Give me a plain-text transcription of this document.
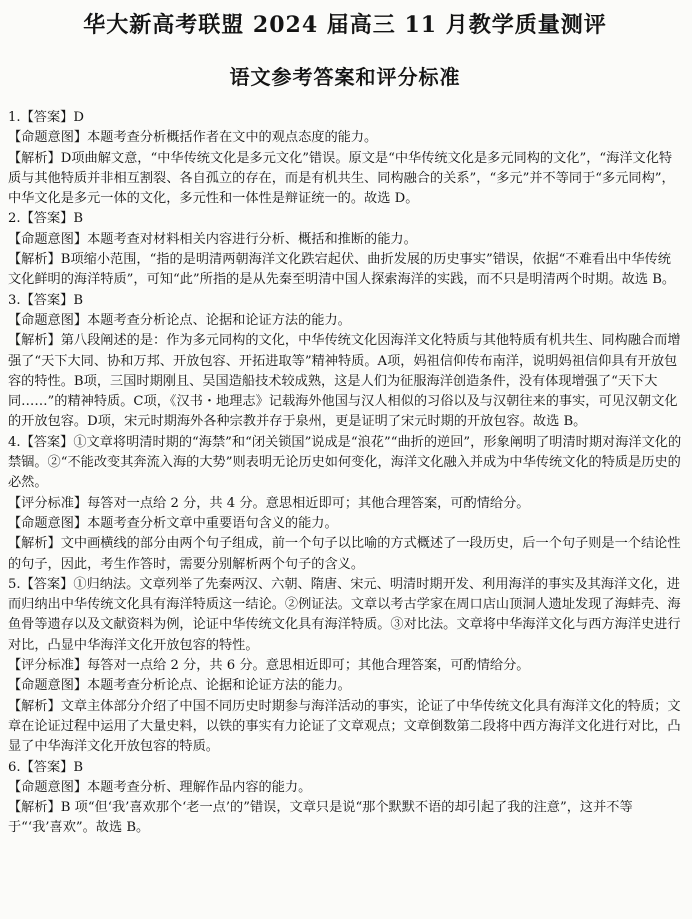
华大新高考联盟 2024 届高三 11 月教学质量测评
语文参考答案和评分标准

1.【答案】D

【命题意图】本题考查分析概括作者在文中的观点态度的能力。

【解析】D项曲解文意，“中华传统文化是多元文化”错误。原文是“中华传统文化是多元同构的文化”，“海洋文化特质与其他特质并非相互割裂、各自孤立的存在，而是有机共生、同构融合的关系”，“多元”并不等同于“多元同构”，中华文化是多元一体的文化，多元性和一体性是辩证统一的。故选 D。

2.【答案】B

【命题意图】本题考查对材料相关内容进行分析、概括和推断的能力。

【解析】B项缩小范围，“指的是明清两朝海洋文化跌宕起伏、曲折发展的历史事实”错误，依据“不难看出中华传统文化鲜明的海洋特质”，可知“此”所指的是从先秦至明清中国人探索海洋的实践，而不只是明清两个时期。故选 B。

3.【答案】B

【命题意图】本题考查分析论点、论据和论证方法的能力。

【解析】第八段阐述的是：作为多元同构的文化，中华传统文化因海洋文化特质与其他特质有机共生、同构融合而增强了“天下大同、协和万邦、开放包容、开拓进取等”精神特质。A项，妈祖信仰传布南洋，说明妈祖信仰具有开放包容的特性。B项，三国时期刚且、吴国造船技术较成熟，这是人们为征服海洋创造条件，没有体现增强了“天下大同……”的精神特质。C项，《汉书・地理志》记载海外他国与汉人相似的习俗以及与汉朝往来的事实，可见汉朝文化的开放包容。D项，宋元时期海外各种宗教并存于泉州，更是证明了宋元时期的开放包容。故选 B。

4.【答案】①文章将明清时期的“海禁”和“闭关锁国”说成是“浪花”“曲折的逆回”，形象阐明了明清时期对海洋文化的禁锢。②“不能改变其奔流入海的大势”则表明无论历史如何变化，海洋文化融入并成为中华传统文化的特质是历史的必然。

【评分标准】每答对一点给 2 分，共 4 分。意思相近即可；其他合理答案，可酌情给分。

【命题意图】本题考查分析文章中重要语句含义的能力。

【解析】文中画横线的部分由两个句子组成，前一个句子以比喻的方式概述了一段历史，后一个句子则是一个结论性的句子，因此，考生作答时，需要分别解析两个句子的含义。

5.【答案】①归纳法。文章列举了先秦两汉、六朝、隋唐、宋元、明清时期开发、利用海洋的事实及其海洋文化，进而归纳出中华传统文化具有海洋特质这一结论。②例证法。文章以考古学家在周口店山顶洞人遗址发现了海蚌壳、海鱼骨等遗存以及文献资料为例，论证中华传统文化具有海洋特质。③对比法。文章将中华海洋文化与西方海洋史进行对比，凸显中华海洋文化开放包容的特性。

【评分标准】每答对一点给 2 分，共 6 分。意思相近即可；其他合理答案，可酌情给分。

【命题意图】本题考查分析论点、论据和论证方法的能力。

【解析】文章主体部分介绍了中国不同历史时期参与海洋活动的事实，论证了中华传统文化具有海洋文化的特质；文章在论证过程中运用了大量史料，以铁的事实有力论证了文章观点；文章倒数第二段将中西方海洋文化进行对比，凸显了中华海洋文化开放包容的特质。

6.【答案】B

【命题意图】本题考查分析、理解作品内容的能力。

【解析】B 项“但‘我’喜欢那个‘老一点’的”错误，文章只是说“那个默默不语的却引起了我的注意”，这并不等于“‘我’喜欢”。故选 B。
